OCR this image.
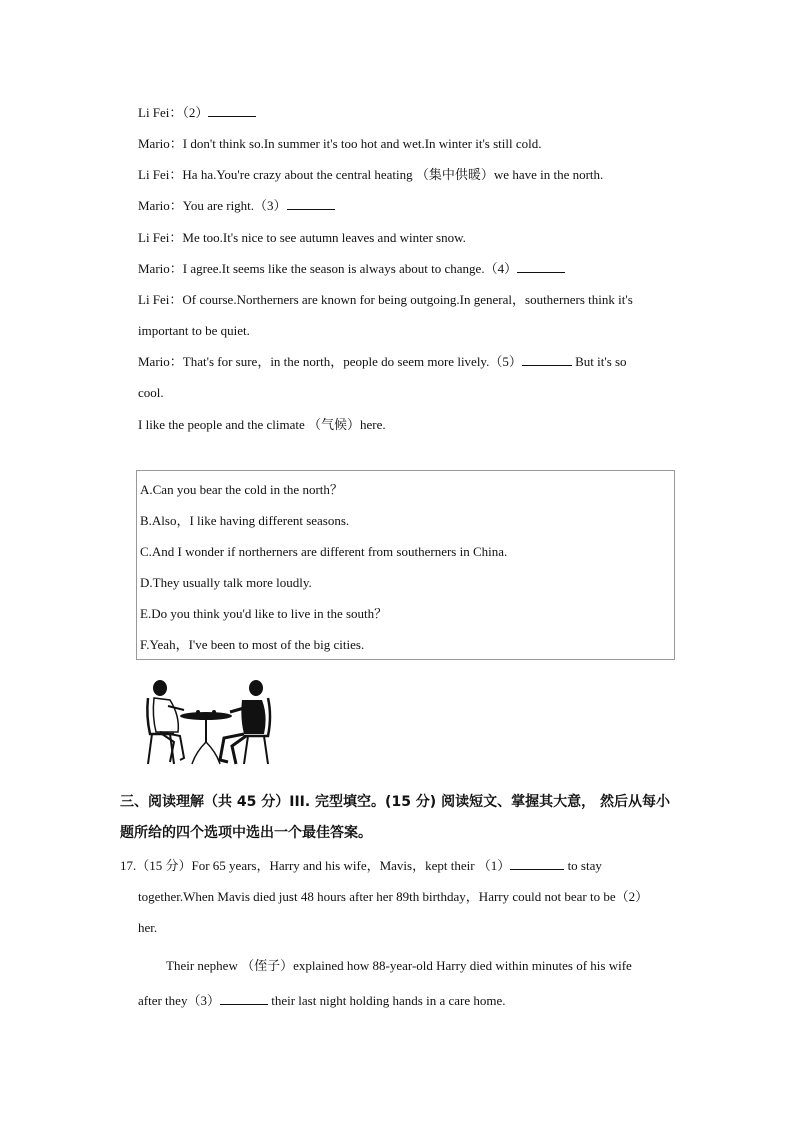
Li Fei：（2）
Mario：I don't think so.In summer it's too hot and wet.In winter it's still cold.
Li Fei：Ha ha.You're crazy about the central heating （集中供暖）we have in the north.
Mario：You are right.（3）
Li Fei：Me too.It's nice to see autumn leaves and winter snow.
Mario：I agree.It seems like the season is always about to change.（4）
Li Fei：Of course.Northerners are known for being outgoing.In general，southerners think it's
important to be quiet.
Mario：That's for sure，in the north，people do seem more lively.（5）	But it's so
cool.
I like the people and the climate （气候）here.
A.Can you bear the cold in the north？
B.Also，I like having different seasons.
C.And I wonder if northerners are different from southerners in China.
D.They usually talk more loudly.
E.Do you think you'd like to live in the south？
F.Yeah，I've been to most of the big cities.
三、阅读理解（共 45 分）III. 完型填空。(15 分) 阅读短文、掌握其大意， 然后从每小
题所给的四个选项中选出一个最佳答案。
17.（15 分）For 65 years，Harry and his wife，Mavis，kept their （1）	to stay
together.When Mavis died just 48 hours after her 89th birthday，Harry could not bear to be（2）
her.
Their nephew （侄子）explained how 88-year-old Harry died within minutes of his wife
after they（3）	their last night holding hands in a care home.
